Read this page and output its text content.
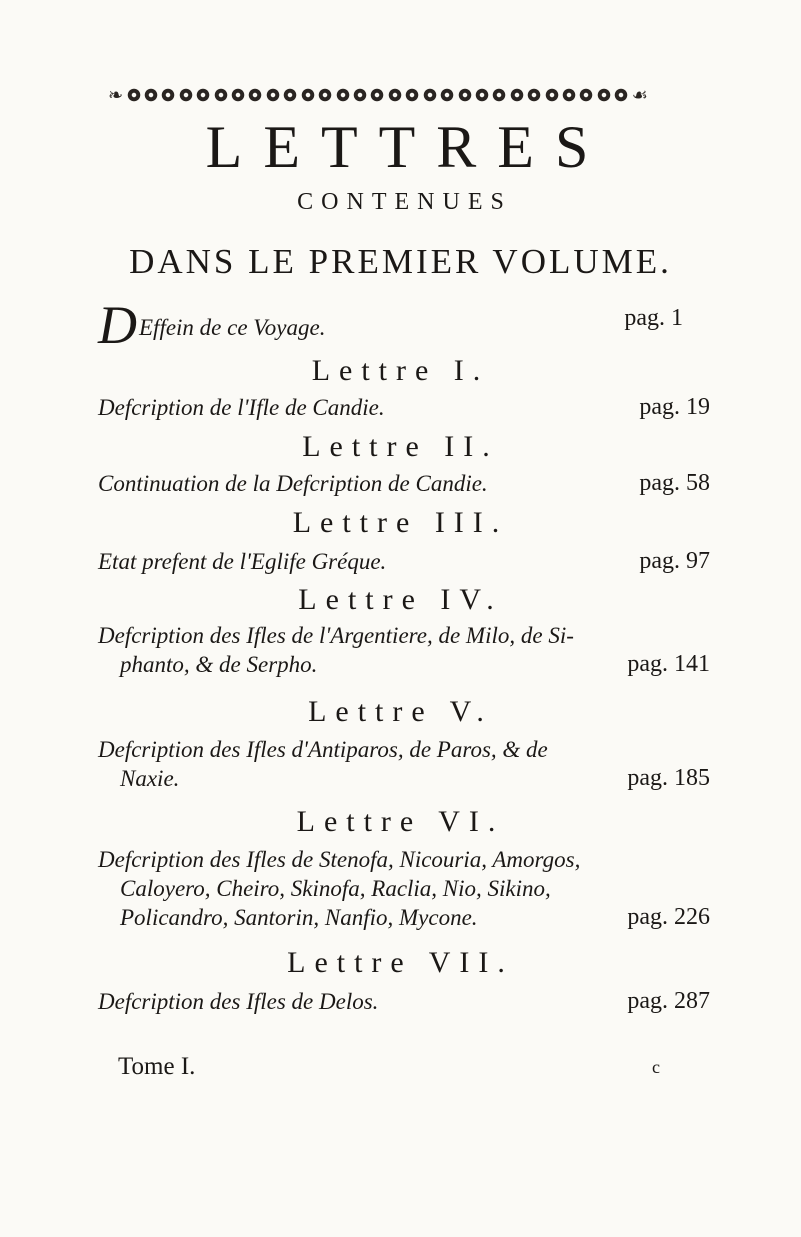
❧	☙
LETTRES
CONTENUES
DANS LE PREMIER VOLUME.
DEffein de ce Voyage.	pag. 1
Lettre I.
Defcription de l'Ifle de Candie.	pag. 19
Lettre II.
Continuation de la Defcription de Candie.	pag. 58
Lettre III.
Etat prefent de l'Eglife Gréque.	pag. 97
Lettre IV.
Defcription des Ifles de l'Argentiere, de Milo, de Si-
phanto, & de Serpho.	pag. 141
Lettre V.
Defcription des Ifles d'Antiparos, de Paros, & de
Naxie.	pag. 185
Lettre VI.
Defcription des Ifles de Stenofa, Nicouria, Amorgos,
Caloyero, Cheiro, Skinofa, Raclia, Nio, Sikino,
Policandro, Santorin, Nanfio, Mycone.	pag. 226
Lettre VII.
Defcription des Ifles de Delos.	pag. 287
Tome I.	c
